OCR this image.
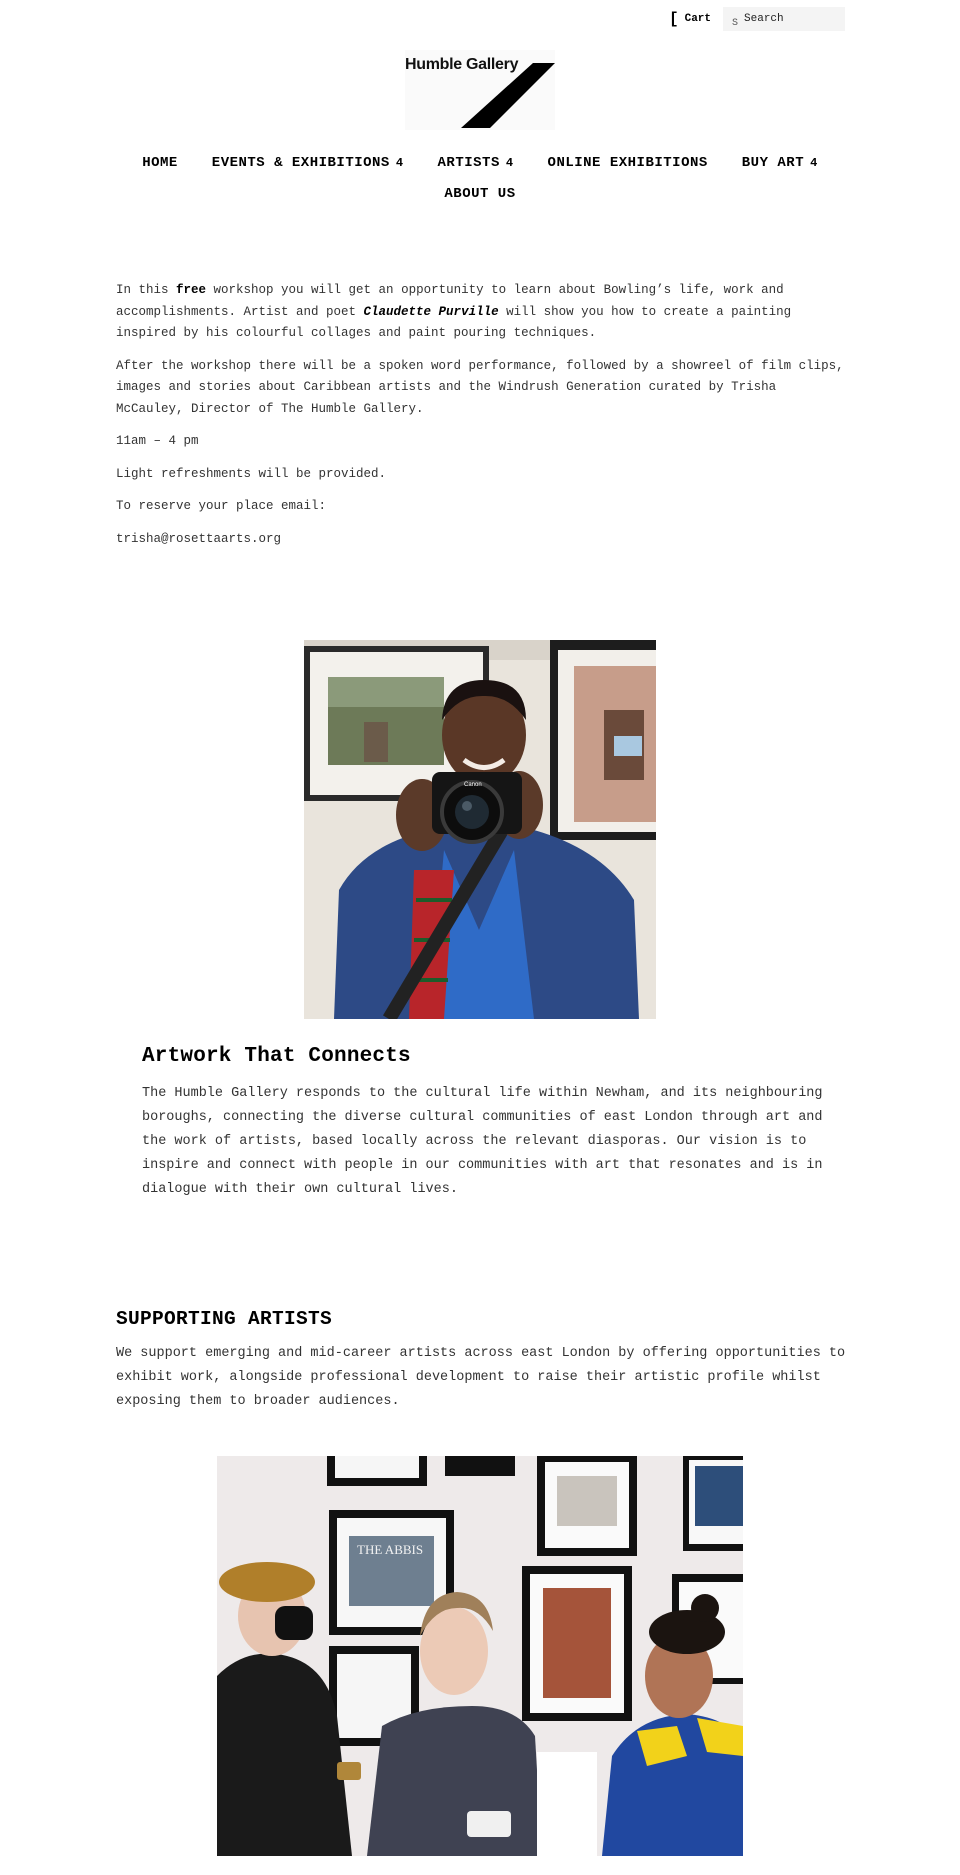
[ Cart S
Search
Humble Gallery
HOME EVENTS & EXHIBITIONS 4 ARTISTS 4 ONLINE EXHIBITIONS BUY ART 4
ABOUT US

In this free workshop you will get an opportunity to learn about Bowling’s life, work and accomplishments. Artist and poet Claudette Purville will show you how to create a painting inspired by his colourful collages and paint pouring techniques.

After the workshop there will be a spoken word performance, followed by a showreel of film clips, images and stories about Caribbean artists and the Windrush Generation curated by Trisha McCauley, Director of The Humble Gallery.

11am – 4 pm

Light refreshments will be provided.

To reserve your place email:

trisha@rosettaarts.org

Canon
Artwork That Connects

The Humble Gallery responds to the cultural life within Newham, and its neighbouring boroughs, connecting the diverse cultural communities of east London through art and the work of artists, based locally across the relevant diasporas. Our vision is to inspire and connect with people in our communities with art that resonates and is in dialogue with their own cultural lives.

SUPPORTING ARTISTS

We support emerging and mid-career artists across east London by offering opportunities to exhibit work, alongside professional development to raise their artistic profile whilst exposing them to broader audiences.

THE ABBIS
